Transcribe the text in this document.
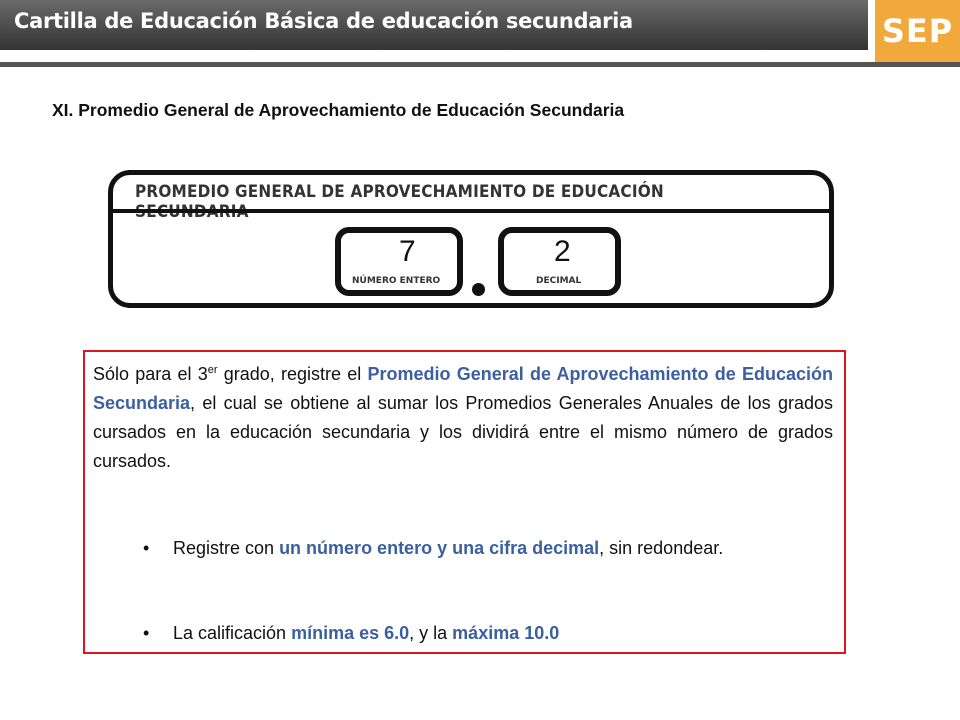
Cartilla de Educación Básica de educación secundaria	SEP
XI. Promedio General de Aprovechamiento de Educación Secundaria
PROMEDIO GENERAL DE APROVECHAMIENTO DE EDUCACIÓN
7
NÚMERO ENTERO
2
DECIMAL
Sólo para el 3er grado, registre el Promedio General de Aprovechamiento de Educación Secundaria, el cual se obtiene al sumar los Promedios Generales Anuales de los grados cursados en la educación secundaria y los dividirá entre el mismo número de grados cursados.
• Registre con un número entero y una cifra decimal, sin redondear.
• La calificación mínima es 6.0, y la máxima 10.0
